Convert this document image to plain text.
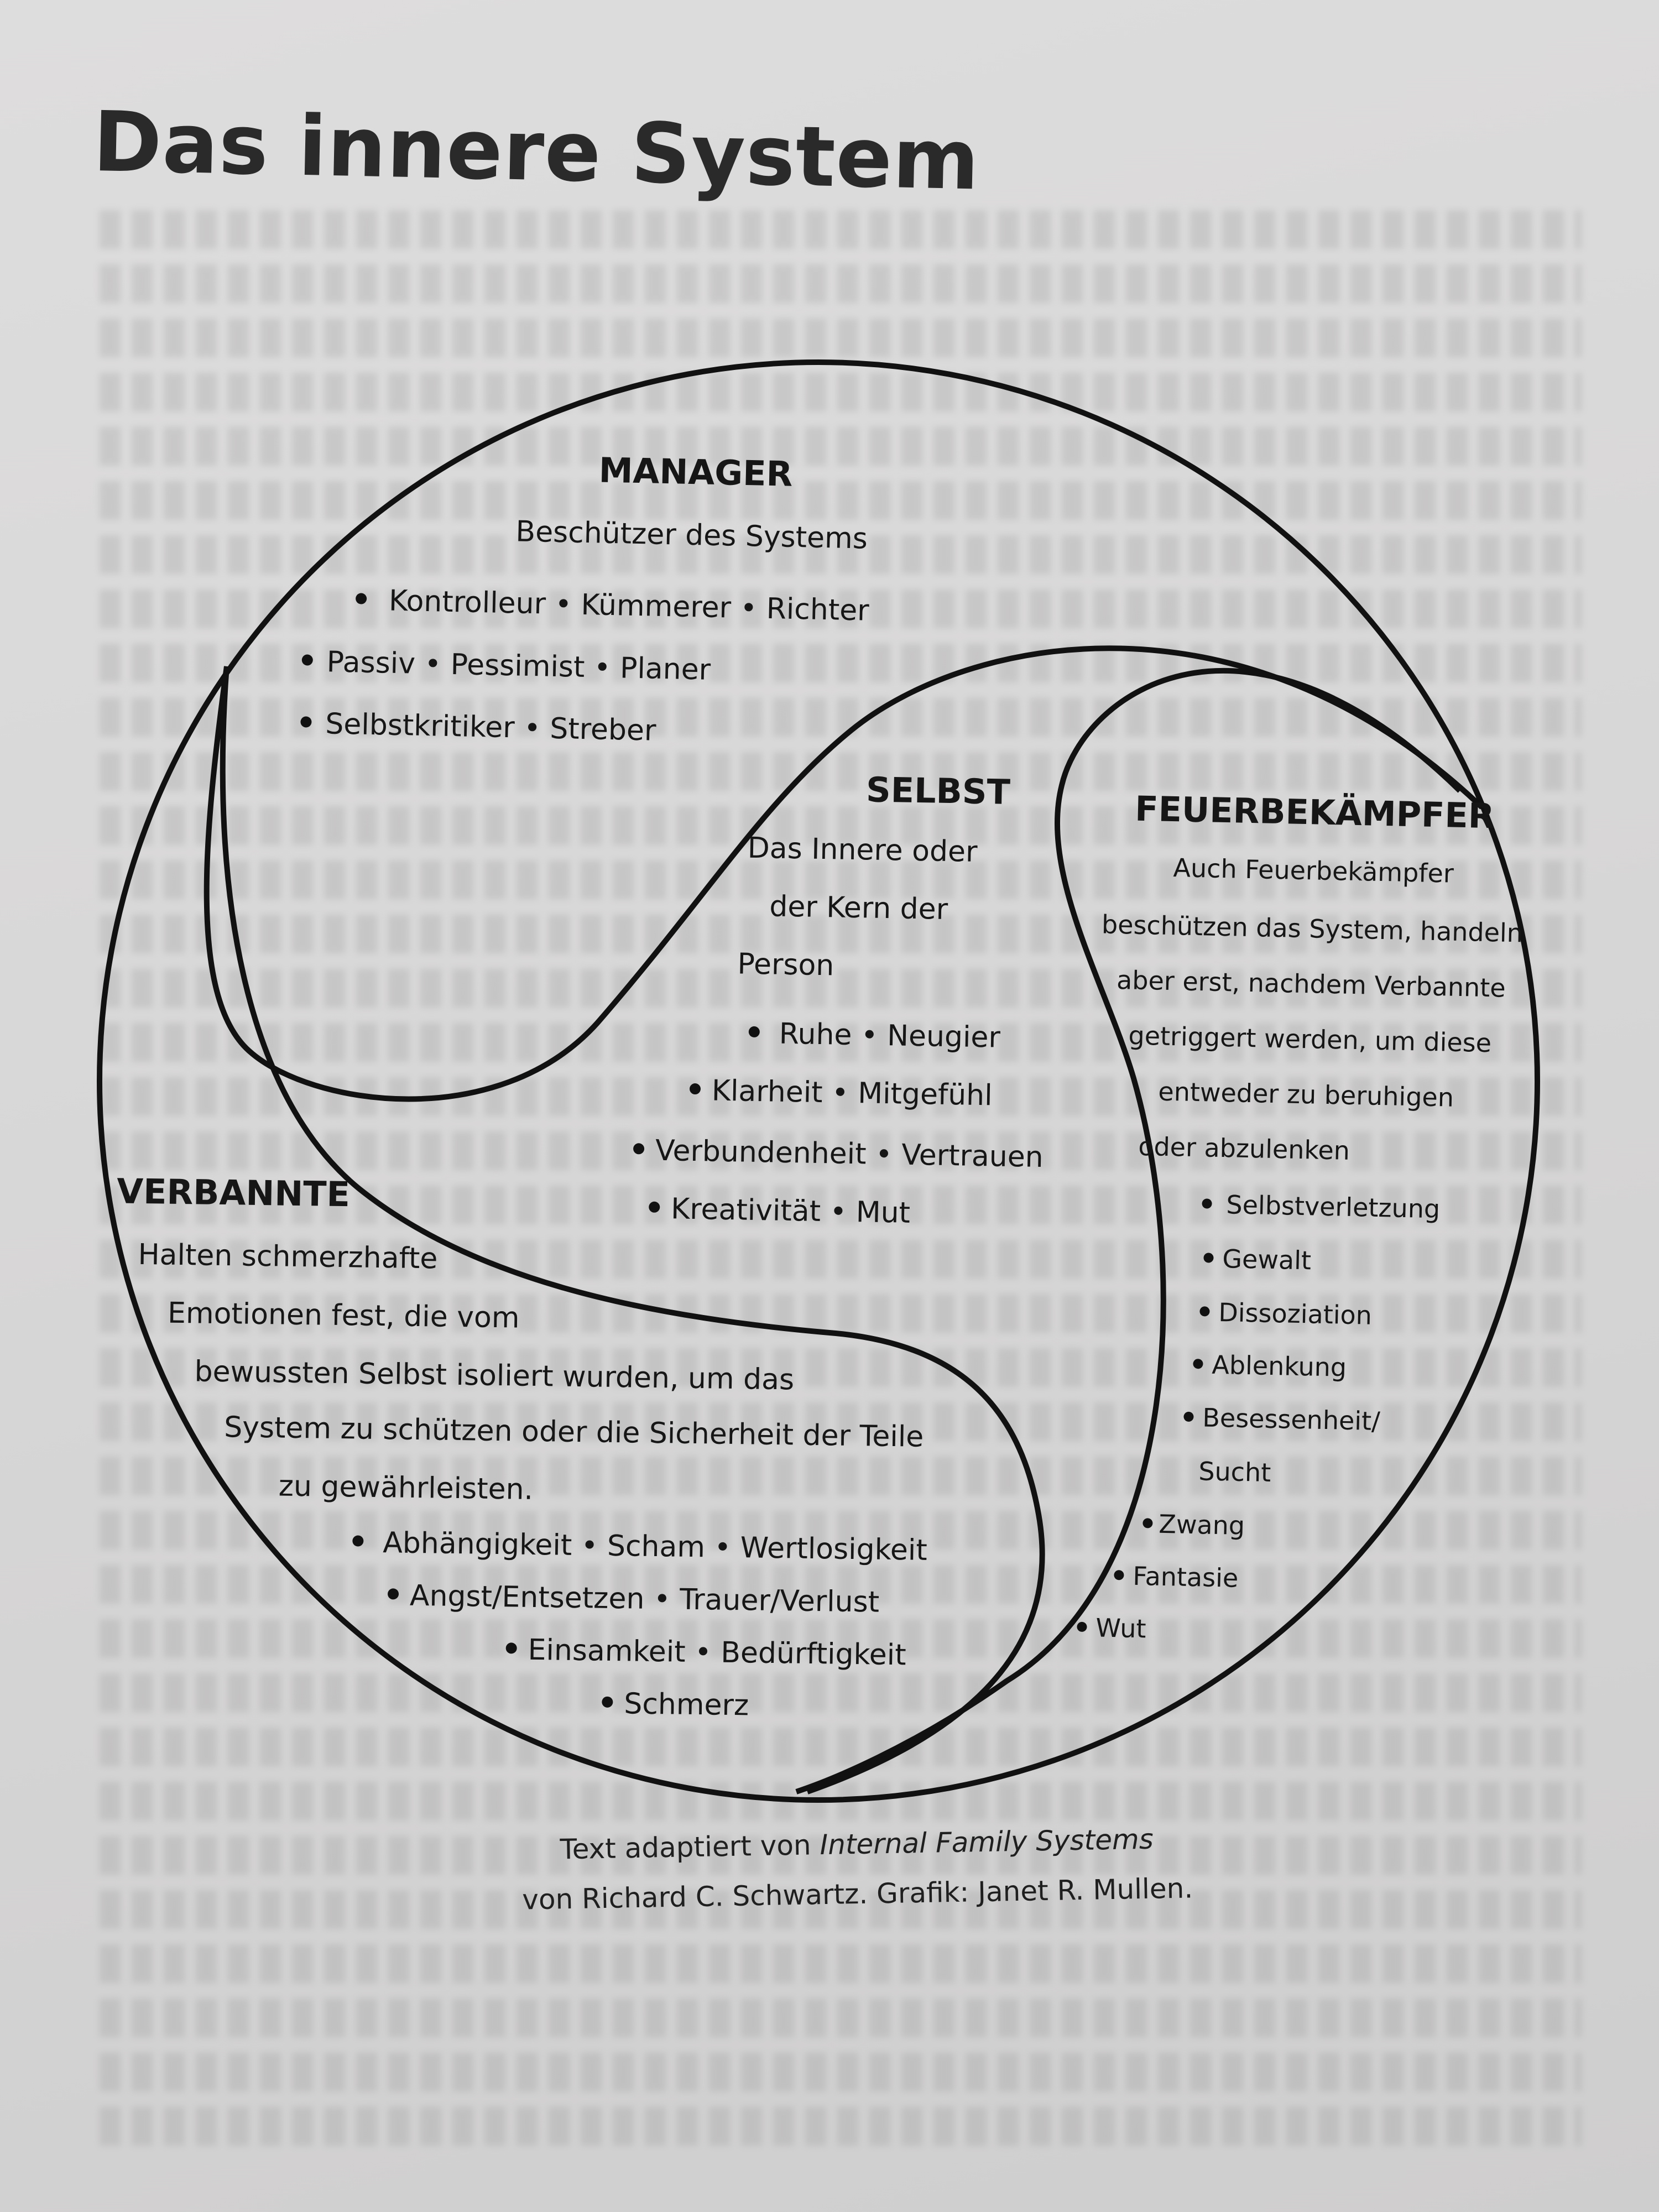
Das innere System
MANAGER
Beschützer des Systems
Kontrolleur • Kümmerer • Richter
Passiv • Pessimist • Planer
Selbstkritiker • Streber
SELBST
Das Innere oder
der Kern der
Person
Ruhe • Neugier
Klarheit • Mitgefühl
Verbundenheit • Vertrauen
Kreativität • Mut
FEUERBEKÄMPFER
Auch Feuerbekämpfer
beschützen das System, handeln
aber erst, nachdem Verbannte
getriggert werden, um diese
entweder zu beruhigen
oder abzulenken
Selbstverletzung
Gewalt
Dissoziation
Ablenkung
Besessenheit/
Sucht
Zwang
Fantasie
Wut
VERBANNTE
Halten schmerzhafte
Emotionen fest, die vom
bewussten Selbst isoliert wurden, um das
System zu schützen oder die Sicherheit der Teile
zu gewährleisten.
Abhängigkeit • Scham • Wertlosigkeit
Angst/Entsetzen • Trauer/Verlust
Einsamkeit • Bedürftigkeit
Schmerz
Text adaptiert von Internal Family Systems
von Richard C. Schwartz. Grafik: Janet R. Mullen.
